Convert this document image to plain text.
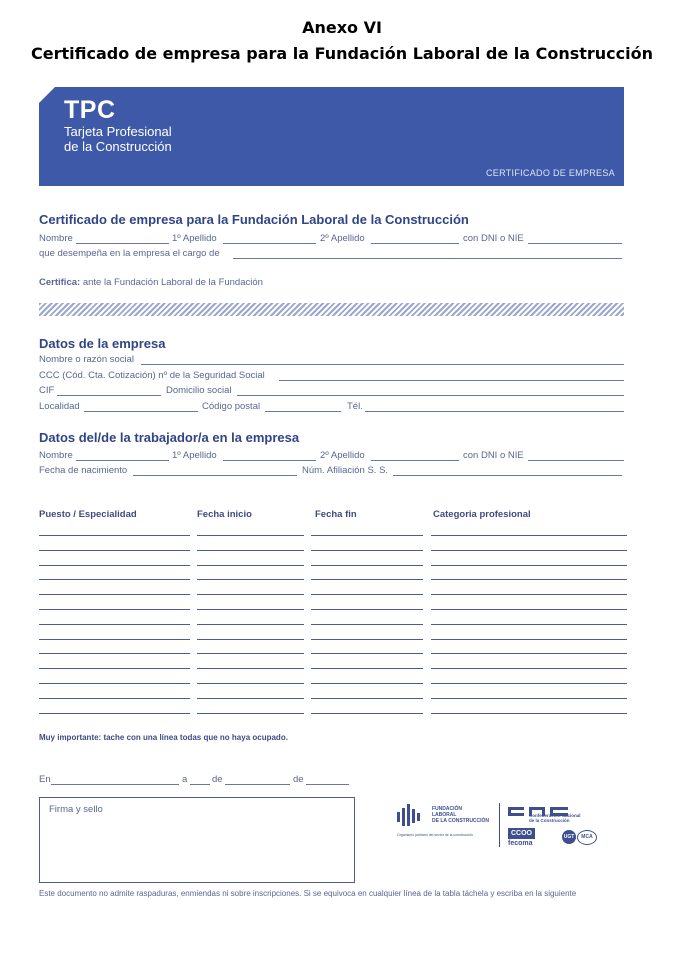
Anexo VI
Certificado de empresa para la Fundación Laboral de la Construcción
TPC
Tarjeta Profesional
de la Construcción
CERTIFICADO DE EMPRESA
Certificado de empresa para la Fundación Laboral de la Construcción
Nombre	1º Apellido	2º Apellido	con DNI o NIE
que desempeña en la empresa el cargo de
Certifica: ante la Fundación Laboral de la Fundación
Datos de la empresa
Nombre o razón social
CCC (Cód. Cta. Cotización) nº de la Seguridad Social
CIF	Domicilio social
Localidad	Código postal	Tél.
Datos del/de la trabajador/a en la empresa
Nombre	1º Apellido	2º Apellido	con DNI o NIE
Fecha de nacimiento	Núm. Afiliación S. S.
Puesto / Especialidad	Fecha inicio	Fecha fin	Categoria profesional
Muy importante: tache con una línea todas que no haya ocupado.
En	a	de	de
Firma y sello	FUNDACIÓN
LABORAL
DE LA CONSTRUCCIÓN
Organismo paritario del sector de la construcción
Confederación Nacional
de la Construcción
CCOO
fecoma
UGT	MCA
Este documento no admite raspaduras, enmiendas ni sobre inscripciones. Si se equivoca en cualquier línea de la tabla táchela y escriba en la siguiente
